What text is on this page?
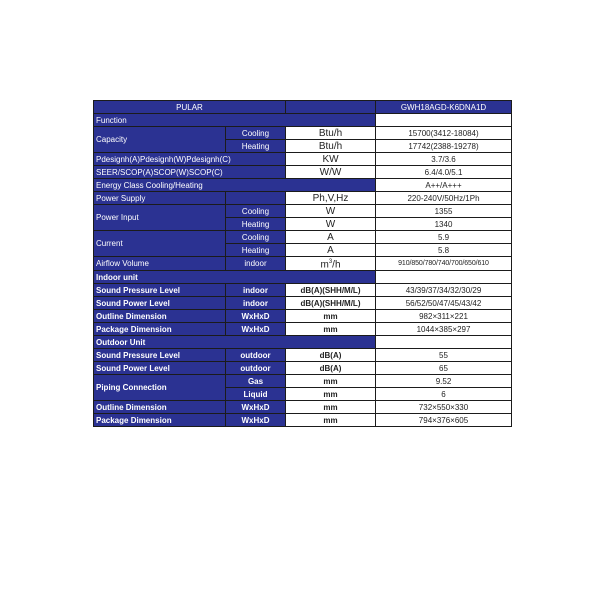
PULAR			GWH18AGD-K6DNA1D
Function			
Capacity	Cooling	Btu/h	15700(3412-18084)
	Heating	Btu/h	17742(2388-19278)
Pdesignh(A)Pdesignh(W)Pdesignh(C)		KW	3.7/3.6
SEER/SCOP(A)SCOP(W)SCOP(C)		W/W	6.4/4.0/5.1
Energy Class Cooling/Heating			A++/A+++
Power Supply		Ph,V,Hz	220-240V/50Hz/1Ph
Power Input	Cooling	W	1355
	Heating	W	1340
Current	Cooling	A	5.9
	Heating	A	5.8
Airflow Volume	indoor	$m^3/h$	910/850/780/740/700/650/610
Indoor unit			
Sound Pressure Level	indoor	dB(A)(SHH/M/L)	43/39/37/34/32/30/29
Sound Power Level	indoor	dB(A)(SHH/M/L)	56/52/50/47/45/43/42
Outline Dimension	WxHxD	mm	982×311×221
Package Dimension	WxHxD	mm	1044×385×297
Outdoor Unit			
Sound Pressure Level	outdoor	dB(A)	55
Sound Power Level	outdoor	dB(A)	65
Piping Connection	Gas	mm	9.52
	Liquid	mm	6
Outline Dimension	WxHxD	mm	732×550×330
Package Dimension	WxHxD	mm	794×376×605
